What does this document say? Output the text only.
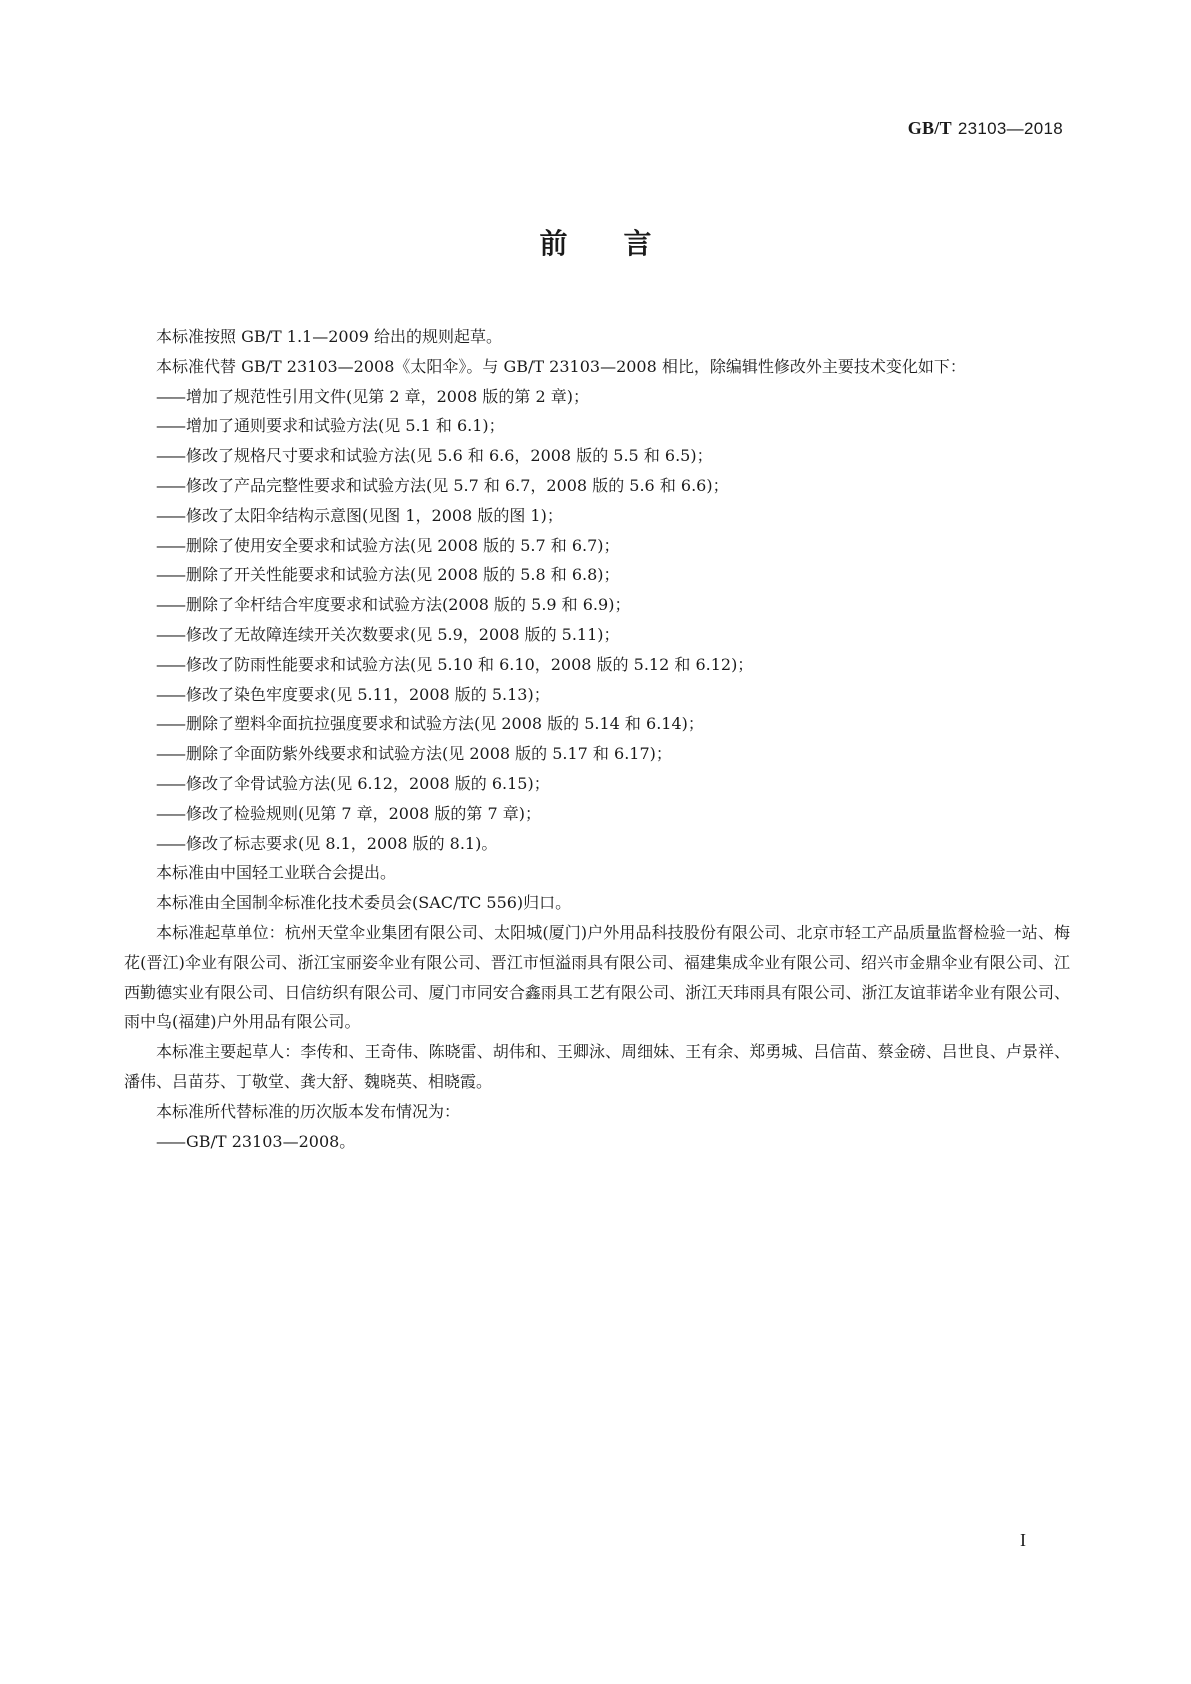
GB/T 23103—2018
前言

本标准按照 GB/T 1.1—2009 给出的规则起草。

本标准代替 GB/T 23103—2008《太阳伞》。与 GB/T 23103—2008 相比，除编辑性修改外主要技术变化如下：

—— 增加了规范性引用文件(见第 2 章，2008 版的第 2 章)；

—— 增加了通则要求和试验方法(见 5.1 和 6.1)；

—— 修改了规格尺寸要求和试验方法(见 5.6 和 6.6，2008 版的 5.5 和 6.5)；

—— 修改了产品完整性要求和试验方法(见 5.7 和 6.7，2008 版的 5.6 和 6.6)；

—— 修改了太阳伞结构示意图(见图 1，2008 版的图 1)；

—— 删除了使用安全要求和试验方法(见 2008 版的 5.7 和 6.7)；

—— 删除了开关性能要求和试验方法(见 2008 版的 5.8 和 6.8)；

—— 删除了伞杆结合牢度要求和试验方法(2008 版的 5.9 和 6.9)；

—— 修改了无故障连续开关次数要求(见 5.9，2008 版的 5.11)；

—— 修改了防雨性能要求和试验方法(见 5.10 和 6.10，2008 版的 5.12 和 6.12)；

—— 修改了染色牢度要求(见 5.11，2008 版的 5.13)；

—— 删除了塑料伞面抗拉强度要求和试验方法(见 2008 版的 5.14 和 6.14)；

—— 删除了伞面防紫外线要求和试验方法(见 2008 版的 5.17 和 6.17)；

—— 修改了伞骨试验方法(见 6.12，2008 版的 6.15)；

—— 修改了检验规则(见第 7 章，2008 版的第 7 章)；

—— 修改了标志要求(见 8.1，2008 版的 8.1)。

本标准由中国轻工业联合会提出。

本标准由全国制伞标准化技术委员会(SAC/TC 556)归口。

本标准起草单位：杭州天堂伞业集团有限公司、太阳城(厦门)户外用品科技股份有限公司、北京市轻工产品质量监督检验一站、梅花(晋江)伞业有限公司、浙江宝丽姿伞业有限公司、晋江市恒溢雨具有限公司、福建集成伞业有限公司、绍兴市金鼎伞业有限公司、江西勤德实业有限公司、日信纺织有限公司、厦门市同安合鑫雨具工艺有限公司、浙江天玮雨具有限公司、浙江友谊菲诺伞业有限公司、雨中鸟(福建)户外用品有限公司。

本标准主要起草人：李传和、王奇伟、陈晓雷、胡伟和、王卿泳、周细妹、王有余、郑勇城、吕信苗、蔡金磅、吕世良、卢景祥、潘伟、吕苗芬、丁敬堂、龚大舒、魏晓英、相晓霞。

本标准所代替标准的历次版本发布情况为：

—— GB/T 23103—2008。

I
